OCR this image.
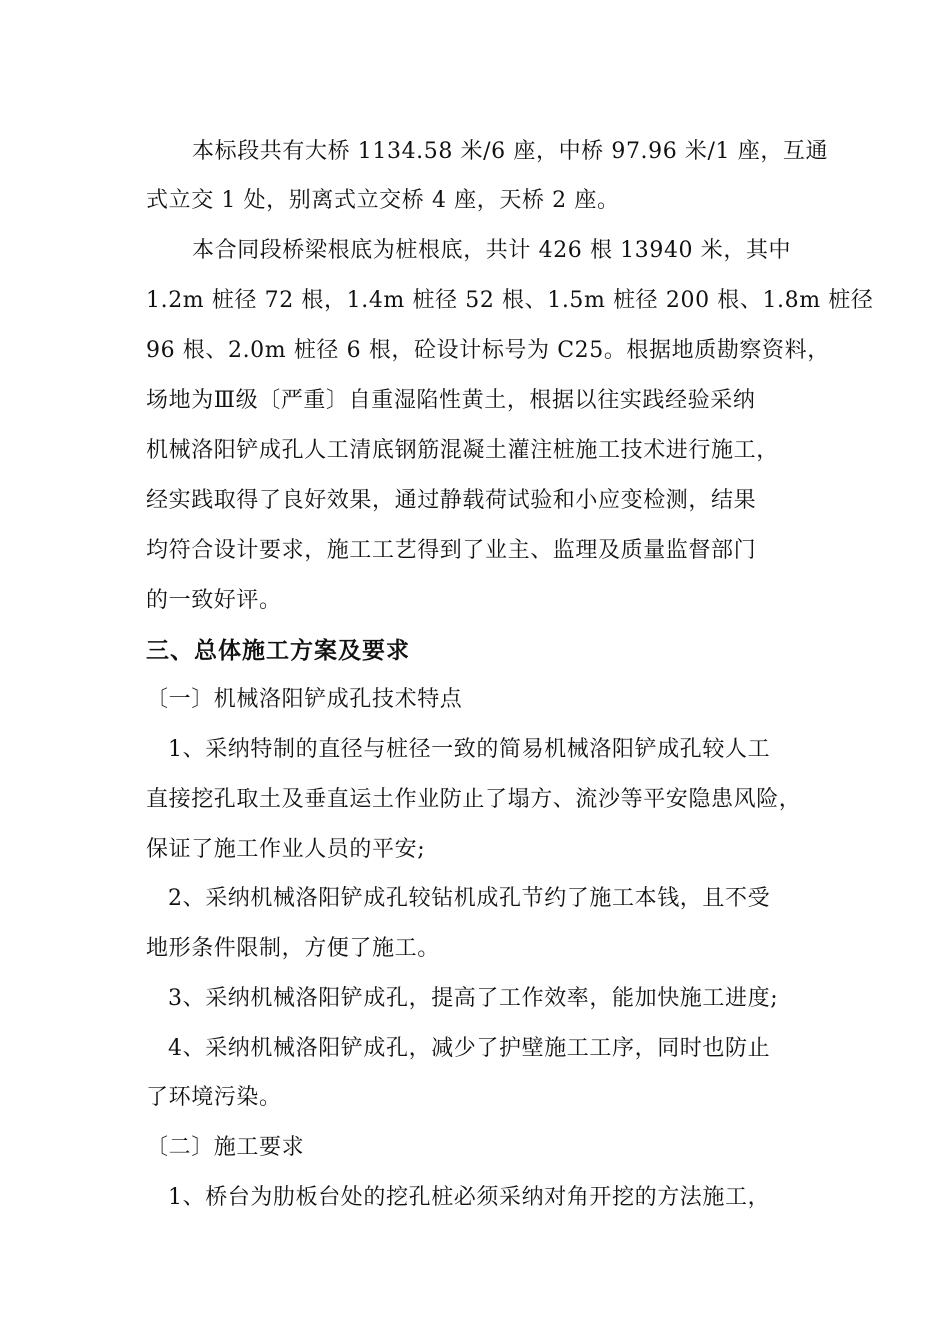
本标段共有大桥 1134.58 米/6 座，中桥 97.96 米/1 座，互通
式立交 1 处，别离式立交桥 4 座，天桥 2 座。
本合同段桥梁根底为桩根底，共计 426 根 13940 米，其中
1.2m 桩径 72 根，1.4m 桩径 52 根、1.5m 桩径 200 根、1.8m 桩径
96 根、2.0m 桩径 6 根，砼设计标号为 C25。根据地质勘察资料，
场地为Ⅲ级〔严重〕自重湿陷性黄土，根据以往实践经验采纳
机械洛阳铲成孔人工清底钢筋混凝土灌注桩施工技术进行施工，
经实践取得了良好效果，通过静载荷试验和小应变检测，结果
均符合设计要求，施工工艺得到了业主、监理及质量监督部门
的一致好评。
三、总体施工方案及要求
〔一〕机械洛阳铲成孔技术特点
1、采纳特制的直径与桩径一致的简易机械洛阳铲成孔较人工
直接挖孔取土及垂直运土作业防止了塌方、流沙等平安隐患风险，
保证了施工作业人员的平安;
2、采纳机械洛阳铲成孔较钻机成孔节约了施工本钱，且不受
地形条件限制，方便了施工。
3、采纳机械洛阳铲成孔，提高了工作效率，能加快施工进度;
4、采纳机械洛阳铲成孔，减少了护壁施工工序，同时也防止
了环境污染。
〔二〕施工要求
1、桥台为肋板台处的挖孔桩必须采纳对角开挖的方法施工，
